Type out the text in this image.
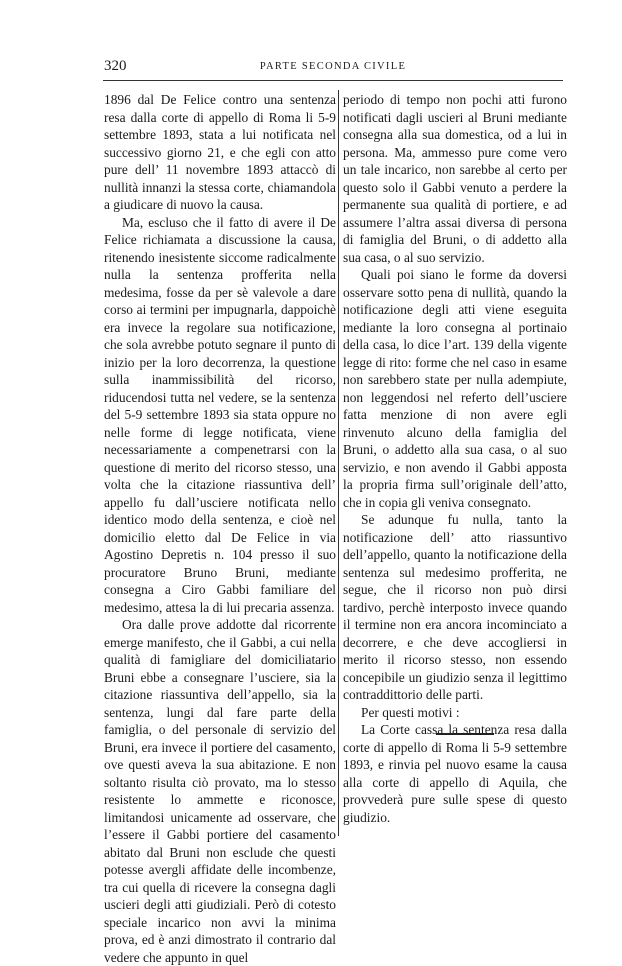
320	PARTE SECONDA CIVILE

1896 dal De Felice contro una sentenza resa dalla corte di appello di Roma li 5-9 settembre 1893, stata a lui notificata nel successivo giorno 21, e che egli con atto pure dell’ 11 novembre 1893 attaccò di nullità innanzi la stessa corte, chiamandola a giudicare di nuovo la causa.

Ma, escluso che il fatto di avere il De Felice richiamata a discussione la causa, ritenendo inesistente siccome radicalmente nulla la sentenza profferita nella medesima, fosse da per sè valevole a dare corso ai termini per impugnarla, dappoichè era invece la regolare sua notificazione, che sola avrebbe potuto segnare il punto di inizio per la loro decorrenza, la questione sulla inammissibilità del ricorso, riducendosi tutta nel vedere, se la sentenza del 5-9 settembre 1893 sia stata oppure no nelle forme di legge notificata, viene necessariamente a compenetrarsi con la questione di merito del ricorso stesso, una volta che la citazione riassuntiva dell’ appello fu dall’usciere notificata nello identico modo della sentenza, e cioè nel domicilio eletto dal De Felice in via Agostino Depretis n. 104 presso il suo procuratore Bruno Bruni, mediante consegna a Ciro Gabbi familiare del medesimo, attesa la di lui precaria assenza.

Ora dalle prove addotte dal ricorrente emerge manifesto, che il Gabbi, a cui nella qualità di famigliare del domiciliatario Bruni ebbe a consegnare l’usciere, sia la citazione riassuntiva dell’appello, sia la sentenza, lungi dal fare parte della famiglia, o del personale di servizio del Bruni, era invece il portiere del casamento, ove questi aveva la sua abitazione. E non soltanto risulta ciò provato, ma lo stesso resistente lo ammette e riconosce, limitandosi unicamente ad osservare, che l’essere il Gabbi portiere del casamento abitato dal Bruni non esclude che questi potesse avergli affidate delle incombenze, tra cui quella di ricevere la consegna dagli uscieri degli atti giudiziali. Però di cotesto speciale incarico non avvi la minima prova, ed è anzi dimostrato il contrario dal vedere che appunto in quel

periodo di tempo non pochi atti furono notificati dagli uscieri al Bruni mediante consegna alla sua domestica, od a lui in persona. Ma, ammesso pure come vero un tale incarico, non sarebbe al certo per questo solo il Gabbi venuto a perdere la permanente sua qualità di portiere, e ad assumere l’altra assai diversa di persona di famiglia del Bruni, o di addetto alla sua casa, o al suo servizio.

Quali poi siano le forme da doversi osservare sotto pena di nullità, quando la notificazione degli atti viene eseguita mediante la loro consegna al portinaio della casa, lo dice l’art. 139 della vigente legge di rito: forme che nel caso in esame non sarebbero state per nulla adempiute, non leggendosi nel referto dell’usciere fatta menzione di non avere egli rinvenuto alcuno della famiglia del Bruni, o addetto alla sua casa, o al suo servizio, e non avendo il Gabbi apposta la propria firma sull’originale dell’atto, che in copia gli veniva consegnato.

Se adunque fu nulla, tanto la notificazione dell’ atto riassuntivo dell’appello, quanto la notificazione della sentenza sul medesimo profferita, ne segue, che il ricorso non può dirsi tardivo, perchè interposto invece quando il termine non era ancora incominciato a decorrere, e che deve accogliersi in merito il ricorso stesso, non essendo concepibile un giudizio senza il legittimo contraddittorio delle parti.

Per questi motivi :

La Corte cassa la sentenza resa dalla corte di appello di Roma li 5-9 settembre 1893, e rinvia pel nuovo esame la causa alla corte di appello di Aquila, che provvederà pure sulle spese di questo giudizio.
